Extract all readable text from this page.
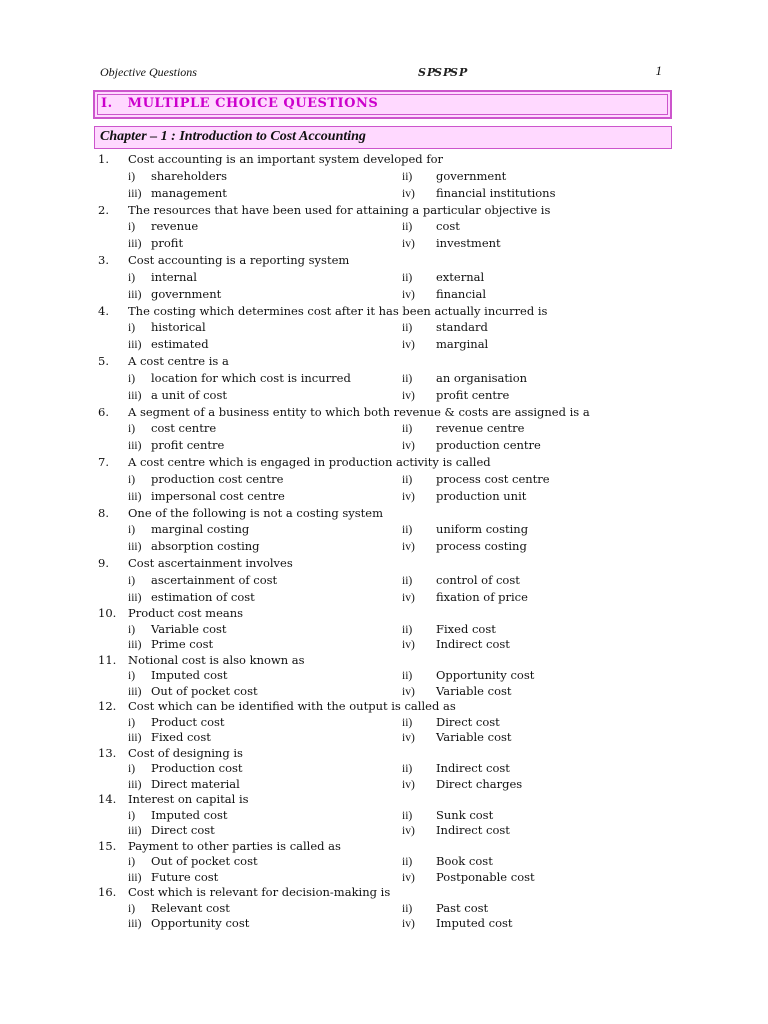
Objective Questions	SP
SP
SP	1
I.   MULTIPLE CHOICE QUESTIONS
Chapter – 1 : Introduction to Cost Accounting
1. Cost accounting is an important system developed for
i) shareholders	ii) government
iii) management	iv) financial institutions
2. The resources that have been used for attaining a particular objective is
i) revenue	ii) cost
iii) profit	iv) investment
3. Cost accounting is a reporting system
i) internal	ii) external
iii) government	iv) financial
4. The costing which determines cost after it has been actually incurred is
i) historical	ii) standard
iii) estimated	iv) marginal
5. A cost centre is a
i) location for which cost is incurred	ii) an organisation
iii) a unit of cost	iv) profit centre
6. A segment of a business entity to which both revenue & costs are assigned is a
i) cost centre	ii) revenue centre
iii) profit centre	iv) production centre
7. A cost centre which is engaged in production activity is called
i) production cost centre	ii) process cost centre
iii) impersonal cost centre	iv) production unit
8. One of the following is not a costing system
i) marginal costing	ii) uniform costing
iii) absorption costing	iv) process costing
9. Cost ascertainment involves
i) ascertainment of cost	ii) control of cost
iii) estimation of cost	iv) fixation of price
10. Product cost means
i) Variable cost	ii) Fixed cost
iii) Prime cost	iv) Indirect cost
11. Notional cost is also known as
i) Imputed cost	ii) Opportunity cost
iii) Out of pocket cost	iv) Variable cost
12. Cost which can be identified with the output is called as
i) Product cost	ii) Direct cost
iii) Fixed cost	iv) Variable cost
13. Cost of designing is
i) Production cost	ii) Indirect cost
iii) Direct material	iv) Direct charges
14. Interest on capital is
i) Imputed cost	ii) Sunk cost
iii) Direct cost	iv) Indirect cost
15. Payment to other parties is called as
i) Out of pocket cost	ii) Book cost
iii) Future cost	iv) Postponable cost
16. Cost which is relevant for decision-making is
i) Relevant cost	ii) Past cost
iii) Opportunity cost	iv) Imputed cost
